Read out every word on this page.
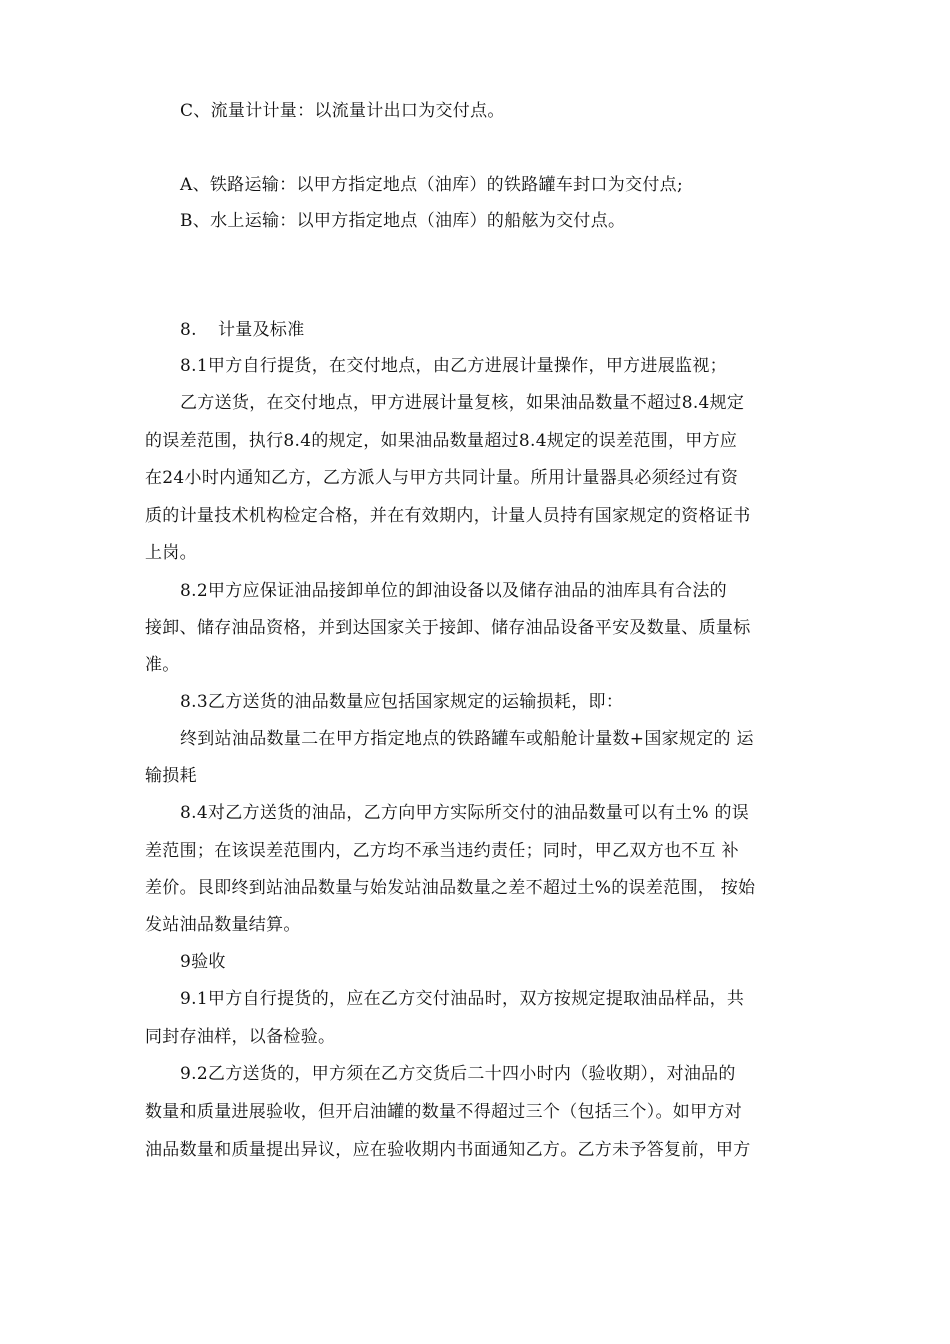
C、流量计计量：以流量计出口为交付点。

A、铁路运输：以甲方指定地点（油库）的铁路罐车封口为交付点;

B、水上运输：以甲方指定地点（油库）的船舷为交付点。

8. 计量及标准

8.1甲方自行提货，在交付地点，由乙方进展计量操作，甲方进展监视；

乙方送货，在交付地点，甲方进展计量复核，如果油品数量不超过8.4规定

的误差范围，执行8.4的规定，如果油品数量超过8.4规定的误差范围，甲方应

在24小时内通知乙方，乙方派人与甲方共同计量。所用计量器具必须经过有资

质的计量技术机构检定合格，并在有效期内，计量人员持有国家规定的资格证书

上岗。

8.2甲方应保证油品接卸单位的卸油设备以及储存油品的油库具有合法的

接卸、储存油品资格，并到达国家关于接卸、储存油品设备平安及数量、质量标

准。

8.3乙方送货的油品数量应包括国家规定的运输损耗，即：

终到站油品数量二在甲方指定地点的铁路罐车或船舱计量数+国家规定的 运

输损耗

8.4对乙方送货的油品，乙方向甲方实际所交付的油品数量可以有土% 的误

差范围；在该误差范围内，乙方均不承当违约责任；同时，甲乙双方也不互 补

差价。艮即终到站油品数量与始发站油品数量之差不超过土%的误差范围， 按始

发站油品数量结算。

9验收

9.1甲方自行提货的，应在乙方交付油品时，双方按规定提取油品样品，共

同封存油样，以备检验。

9.2乙方送货的，甲方须在乙方交货后二十四小时内（验收期），对油品的

数量和质量进展验收，但开启油罐的数量不得超过三个（包括三个）。如甲方对

油品数量和质量提出异议，应在验收期内书面通知乙方。乙方未予答复前，甲方
